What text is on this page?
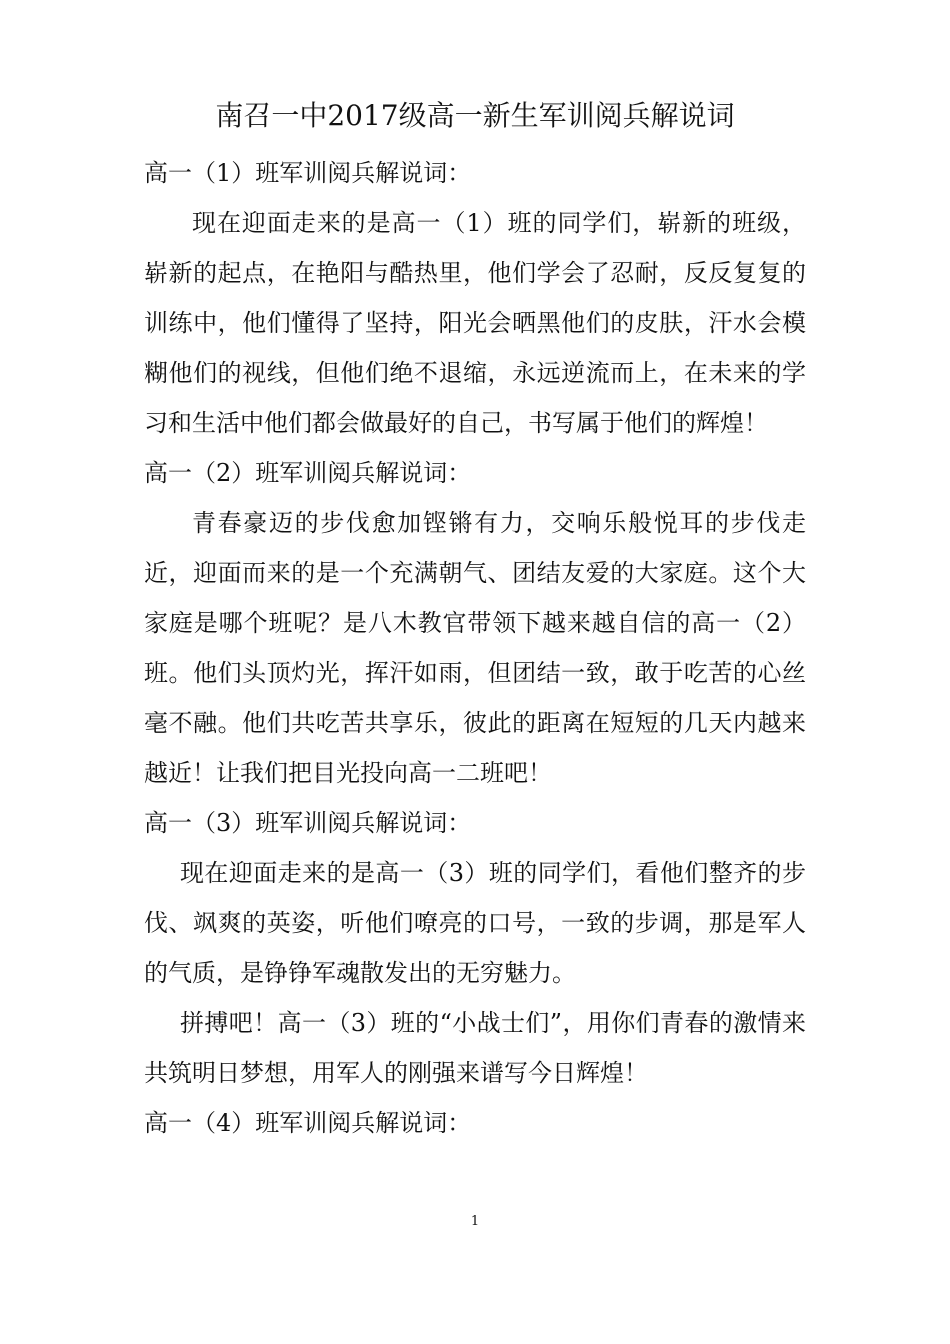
南召一中2017级高一新生军训阅兵解说词
高一（1）班军训阅兵解说词：

现在迎面走来的是高一（1）班的同学们，崭新的班级，崭新的起点，在艳阳与酷热里，他们学会了忍耐，反反复复的训练中，他们懂得了坚持，阳光会晒黑他们的皮肤，汗水会模糊他们的视线，但他们绝不退缩，永远逆流而上，在未来的学习和生活中他们都会做最好的自己，书写属于他们的辉煌！

高一（2）班军训阅兵解说词：

青春豪迈的步伐愈加铿锵有力，交响乐般悦耳的步伐走近，迎面而来的是一个充满朝气、团结友爱的大家庭。这个大家庭是哪个班呢？是八木教官带领下越来越自信的高一（2）班。他们头顶灼光，挥汗如雨，但团结一致，敢于吃苦的心丝毫不融。他们共吃苦共享乐，彼此的距离在短短的几天内越来越近！让我们把目光投向高一二班吧！

高一（3）班军训阅兵解说词：

现在迎面走来的是高一（3）班的同学们，看他们整齐的步伐、飒爽的英姿，听他们嘹亮的口号，一致的步调，那是军人的气质，是铮铮军魂散发出的无穷魅力。

拼搏吧！高一（3）班的“小战士们”，用你们青春的激情来共筑明日梦想，用军人的刚强来谱写今日辉煌！

高一（4）班军训阅兵解说词：
1
